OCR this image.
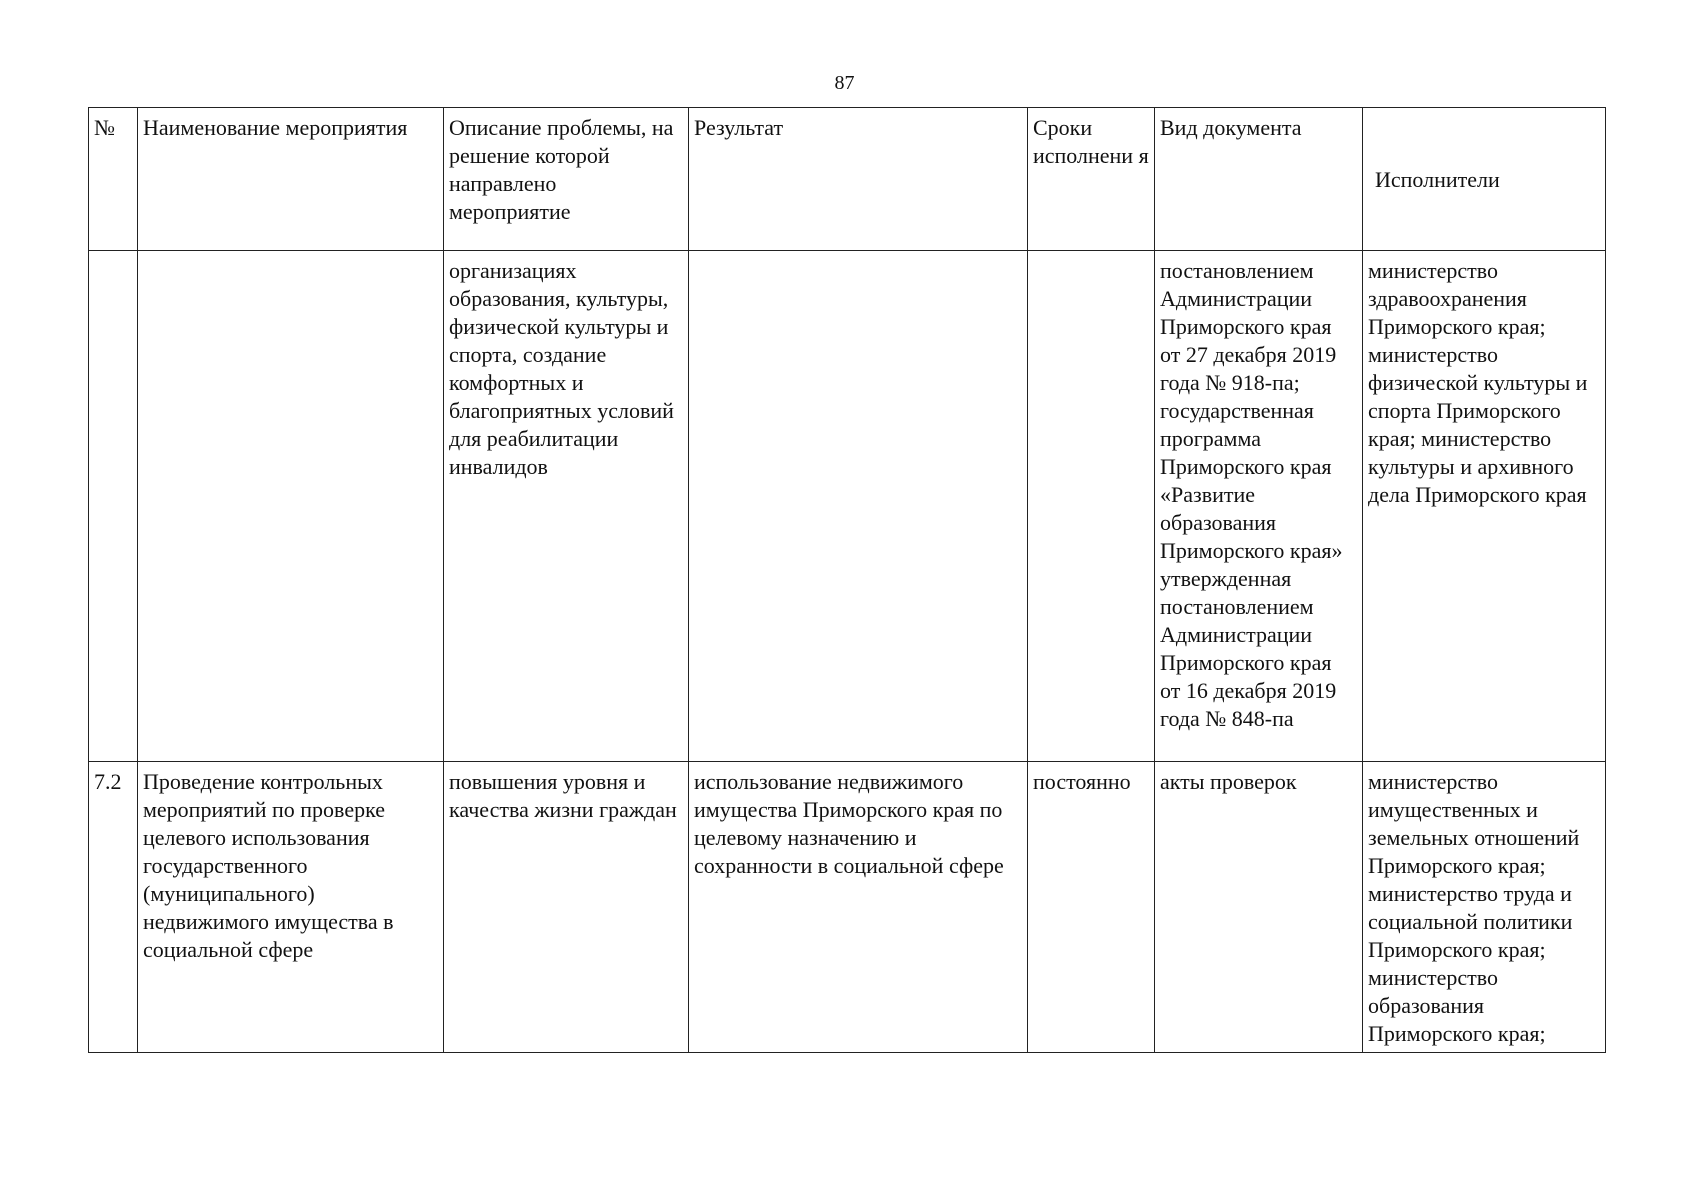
87
№	Наименование мероприятия	Описание проблемы, на решение которой направлено мероприятие	Результат	Сроки исполнени я	Вид документа	Исполнители
		организациях образования, культуры, физической культуры и спорта, создание комфортных и благоприятных условий для реабилитации инвалидов			постановлением Администрации Приморского края от 27 декабря 2019 года № 918-па; государственная программа Приморского края «Развитие образования Приморского края» утвержденная постановлением Администрации Приморского края от 16 декабря 2019 года № 848-па	министерство здравоохранения Приморского края; министерство физической культуры и спорта Приморского края; министерство культуры и архивного дела Приморского края
7.2	Проведение контрольных мероприятий по проверке целевого использования государственного (муниципального) недвижимого имущества в социальной сфере	повышения уровня и качества жизни граждан	использование недвижимого имущества Приморского края по целевому назначению и сохранности в социальной сфере	постоянно	акты проверок	министерство имущественных и земельных отношений Приморского края; министерство труда и социальной политики Приморского края; министерство образования Приморского края;
